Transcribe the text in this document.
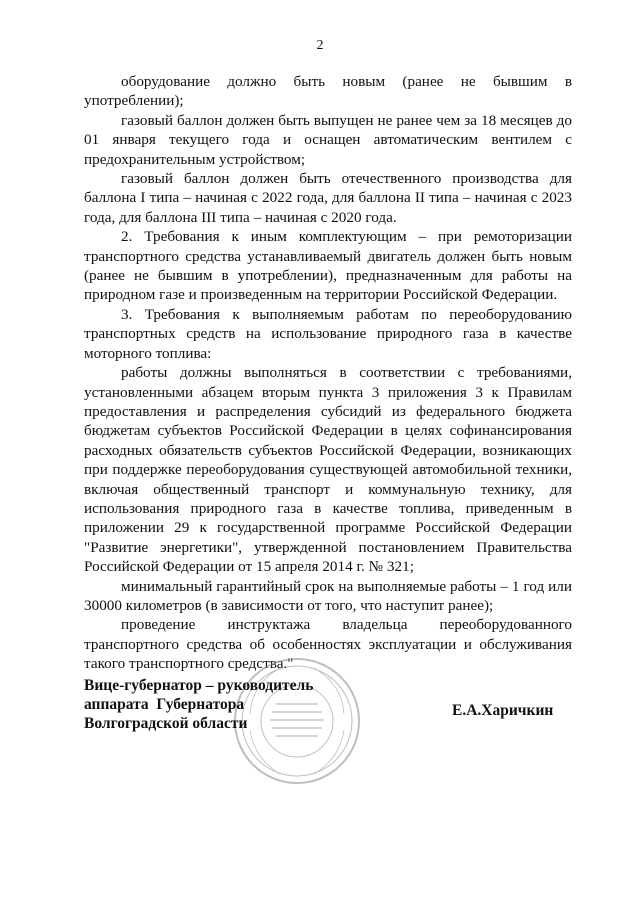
2

оборудование должно быть новым (ранее не бывшим в употреблении);

газовый баллон должен быть выпущен не ранее чем за 18 месяцев до 01 января текущего года и оснащен автоматическим вентилем с предохранительным устройством;

газовый баллон должен быть отечественного производства для баллона I типа – начиная с 2022 года, для баллона II типа – начиная с 2023 года, для баллона III типа – начиная с 2020 года.

2. Требования к иным комплектующим – при ремоторизации транспортного средства устанавливаемый двигатель должен быть новым (ранее не бывшим в употреблении), предназначенным для работы на природном газе и произведенным на территории Российской Федерации.

3. Требования к выполняемым работам по переоборудованию транспортных средств на использование природного газа в качестве моторного топлива:

работы должны выполняться в соответствии с требованиями, установленными абзацем вторым пункта 3 приложения 3 к Правилам предоставления и распределения субсидий из федерального бюджета бюджетам субъектов Российской Федерации в целях софинансирования расходных обязательств субъектов Российской Федерации, возникающих при поддержке переоборудования существующей автомобильной техники, включая общественный транспорт и коммунальную технику, для использования природного газа в качестве топлива, приведенным в приложении 29 к государственной программе Российской Федерации "Развитие энергетики", утвержденной постановлением Правительства Российской Федерации от 15 апреля 2014 г. № 321;

минимальный гарантийный срок на выполняемые работы – 1 год или 30000 километров (в зависимости от того, что наступит ранее);

проведение инструктажа владельца переоборудованного транспортного средства об особенностях эксплуатации и обслуживания такого транспортного средства."

Вице-губернатор – руководитель
аппарата  Губернатора
Волгоградской области
Е.А.Харичкин
